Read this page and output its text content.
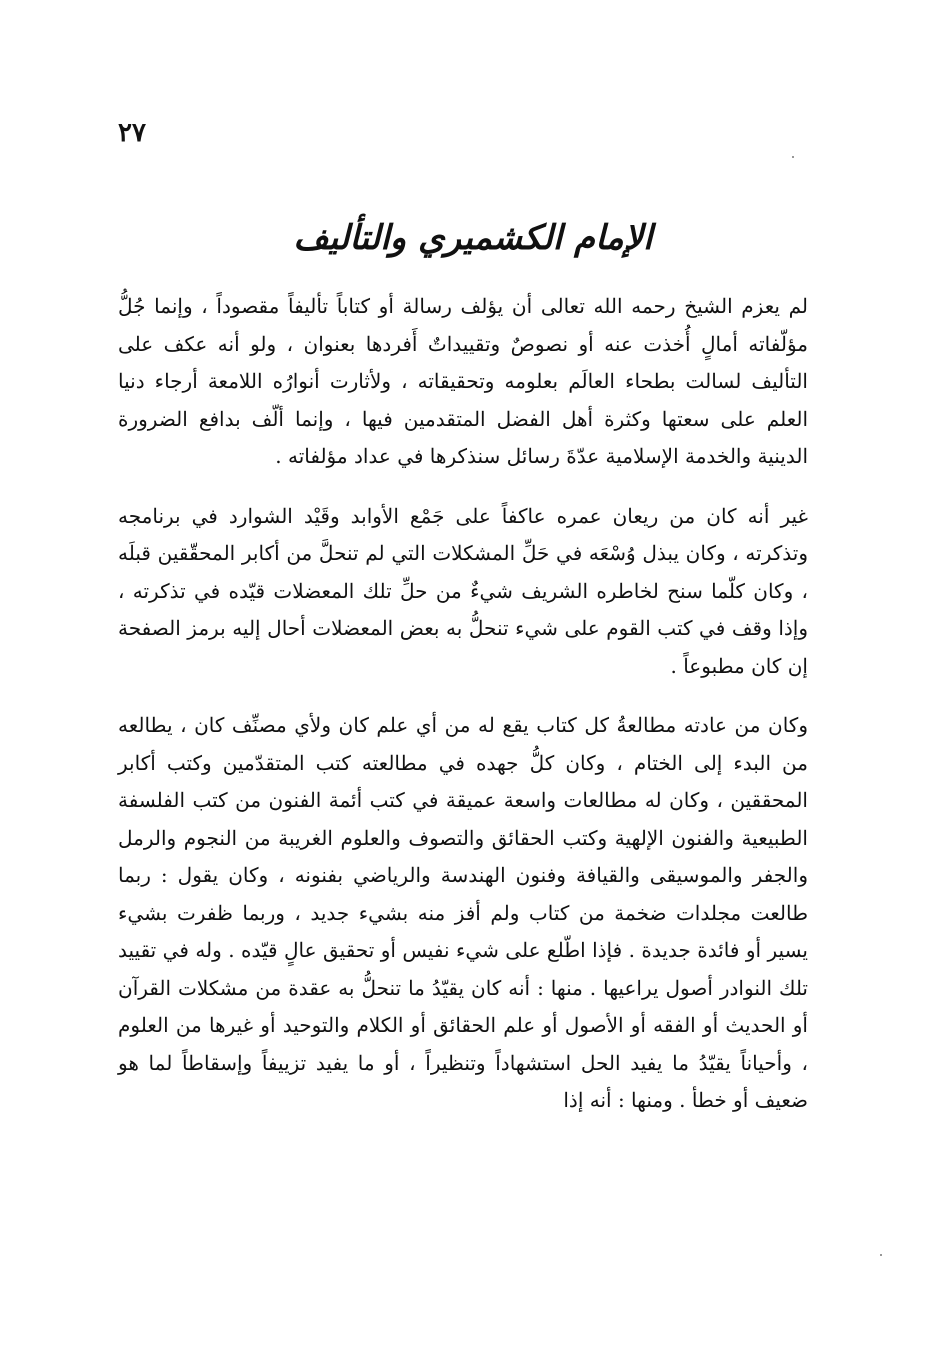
٢٧
الإمام الكشميري والتأليف

لم يعزم الشيخ رحمه الله تعالى أن يؤلف رسالة أو كتاباً تأليفاً مقصوداً ، وإنما جُلُّ مؤلّفاته أمالٍ أُخذت عنه أو نصوصٌ وتقييداتٌ أَفردها بعنوان ، ولو أنه عكف على التأليف لسالت بطحاء العالَم بعلومه وتحقيقاته ، ولأثارت أنوارُه اللامعة أرجاء دنيا العلم على سعتها وكثرة أهل الفضل المتقدمين فيها ، وإنما ألّف بدافع الضرورة الدينية والخدمة الإسلامية عدّةَ رسائل سنذكرها في عداد مؤلفاته .

غير أنه كان من ريعان عمره عاكفاً على جَمْع الأوابد وقَيْد الشوارد في برنامجه وتذكرته ، وكان يبذل وُسْعَه في حَلِّ المشكلات التي لم تنحلَّ من أكابر المحقّقين قبلَه ، وكان كلّما سنح لخاطره الشريف شيءٌ من حلِّ تلك المعضلات قيّده في تذكرته ، وإذا وقف في كتب القوم على شيء تنحلُّ به بعض المعضلات أحال إليه برمز الصفحة إن كان مطبوعاً .

وكان من عادته مطالعةُ كل كتاب يقع له من أي علم كان ولأي مصنِّف كان ، يطالعه من البدء إلى الختام ، وكان كلُّ جهده في مطالعته كتب المتقدّمين وكتب أكابر المحققين ، وكان له مطالعات واسعة عميقة في كتب أئمة الفنون من كتب الفلسفة الطبيعية والفنون الإلهية وكتب الحقائق والتصوف والعلوم الغريبة من النجوم والرمل والجفر والموسيقى والقيافة وفنون الهندسة والرياضي بفنونه ، وكان يقول : ربما طالعت مجلدات ضخمة من كتاب ولم أفز منه بشيء جديد ، وربما ظفرت بشيء يسير أو فائدة جديدة . فإذا اطّلع على شيء نفيس أو تحقيق عالٍ قيّده . وله في تقييد تلك النوادر أصول يراعيها . منها : أنه كان يقيّدُ ما تنحلُّ به عقدة من مشكلات القرآن أو الحديث أو الفقه أو الأصول أو علم الحقائق أو الكلام والتوحيد أو غيرها من العلوم ، وأحياناً يقيّدُ ما يفيد الحل استشهاداً وتنظيراً ، أو ما يفيد تزييفاً وإسقاطاً لما هو ضعيف أو خطأ . ومنها : أنه إذا
